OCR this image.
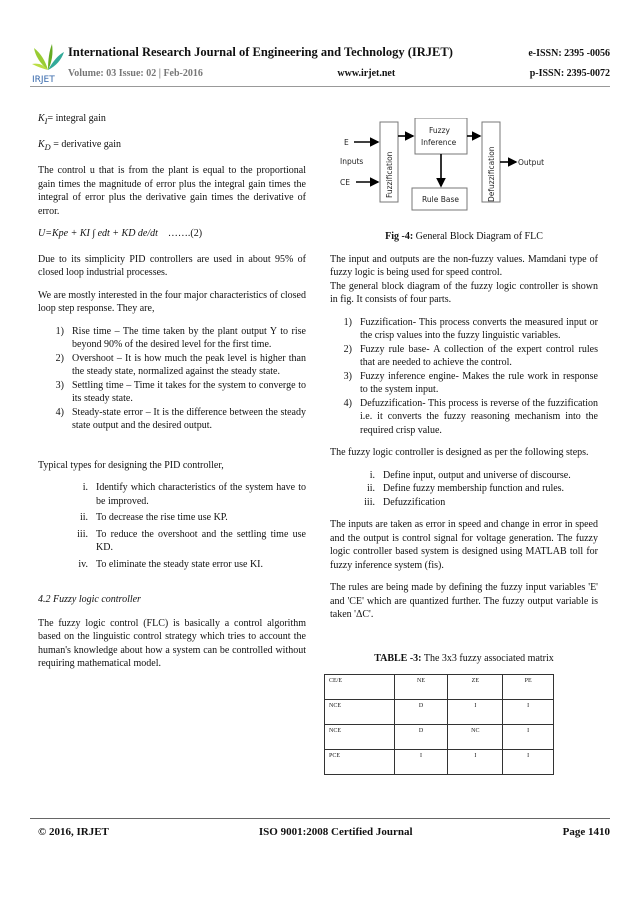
IRJET
International Research Journal of Engineering and Technology (IRJET)	e-ISSN: 2395 -0056
Volume: 03 Issue: 02 | Feb-2016	www.irjet.net	p-ISSN: 2395-0072

$K_I=$ integral gain

$K_D$ = derivative gain

The control u that is from the plant is equal to the proportional gain times the magnitude of error plus the integral gain times the integral of error plus the derivative gain times the derivative of error.

U=Kpe + KI ∫ edt + KD de/dt …….(2)

Due to its simplicity PID controllers are used in about 95% of closed loop industrial processes.

We are mostly interested in the four major characteristics of closed loop step response. They are,

1) Rise time – The time taken by the plant output Y to rise beyond 90% of the desired level for the first time.
2) Overshoot – It is how much the peak level is higher than the steady state, normalized against the steady state.
3) Settling time – Time it takes for the system to converge to its steady state.
4) Steady-state error – It is the difference between the steady state output and the desired output.

Typical types for designing the PID controller,

i. Identify which characteristics of the system have to be improved.
ii. To decrease the rise time use KP.
iii. To reduce the overshoot and the settling time use KD.
iv. To eliminate the steady state error use KI.

4.2 Fuzzy logic controller

The fuzzy logic control (FLC) is basically a control algorithm based on the linguistic control strategy which tries to account the human's knowledge about how a system can be controlled without requiring mathematical model.

E
Inputs
CE	Fuzzification
Fuzzy
Inference
Rule Base	Defuzzification	Output

Fig -4: General Block Diagram of FLC

The input and outputs are the non-fuzzy values. Mamdani type of fuzzy logic is being used for speed control.

The general block diagram of the fuzzy logic controller is shown in fig. It consists of four parts.

1) Fuzzification- This process converts the measured input or the crisp values into the fuzzy linguistic variables.
2) Fuzzy rule base- A collection of the expert control rules that are needed to achieve the control.
3) Fuzzy inference engine- Makes the rule work in response to the system input.
4) Defuzzification- This process is reverse of the fuzzification i.e. it converts the fuzzy reasoning mechanism into the required crisp value.

The fuzzy logic controller is designed as per the following steps.

i. Define input, output and universe of discourse.
ii. Define fuzzy membership function and rules.
iii. Defuzzification

The inputs are taken as error in speed and change in error in speed and the output is control signal for voltage generation. The fuzzy logic controller based system is designed using MATLAB toll for fuzzy inference system (fis).

The rules are being made by defining the fuzzy input variables 'E' and 'CE' which are quantized further. The fuzzy output variable is taken 'ΔC'.

TABLE -3: The 3x3 fuzzy associated matrix

CE/E	NE	ZE	PE
NCE	D	I	I
NCE	D	NC	I
PCE	I	I	I
© 2016, IRJET	ISO 9001:2008 Certified Journal	Page 1410
